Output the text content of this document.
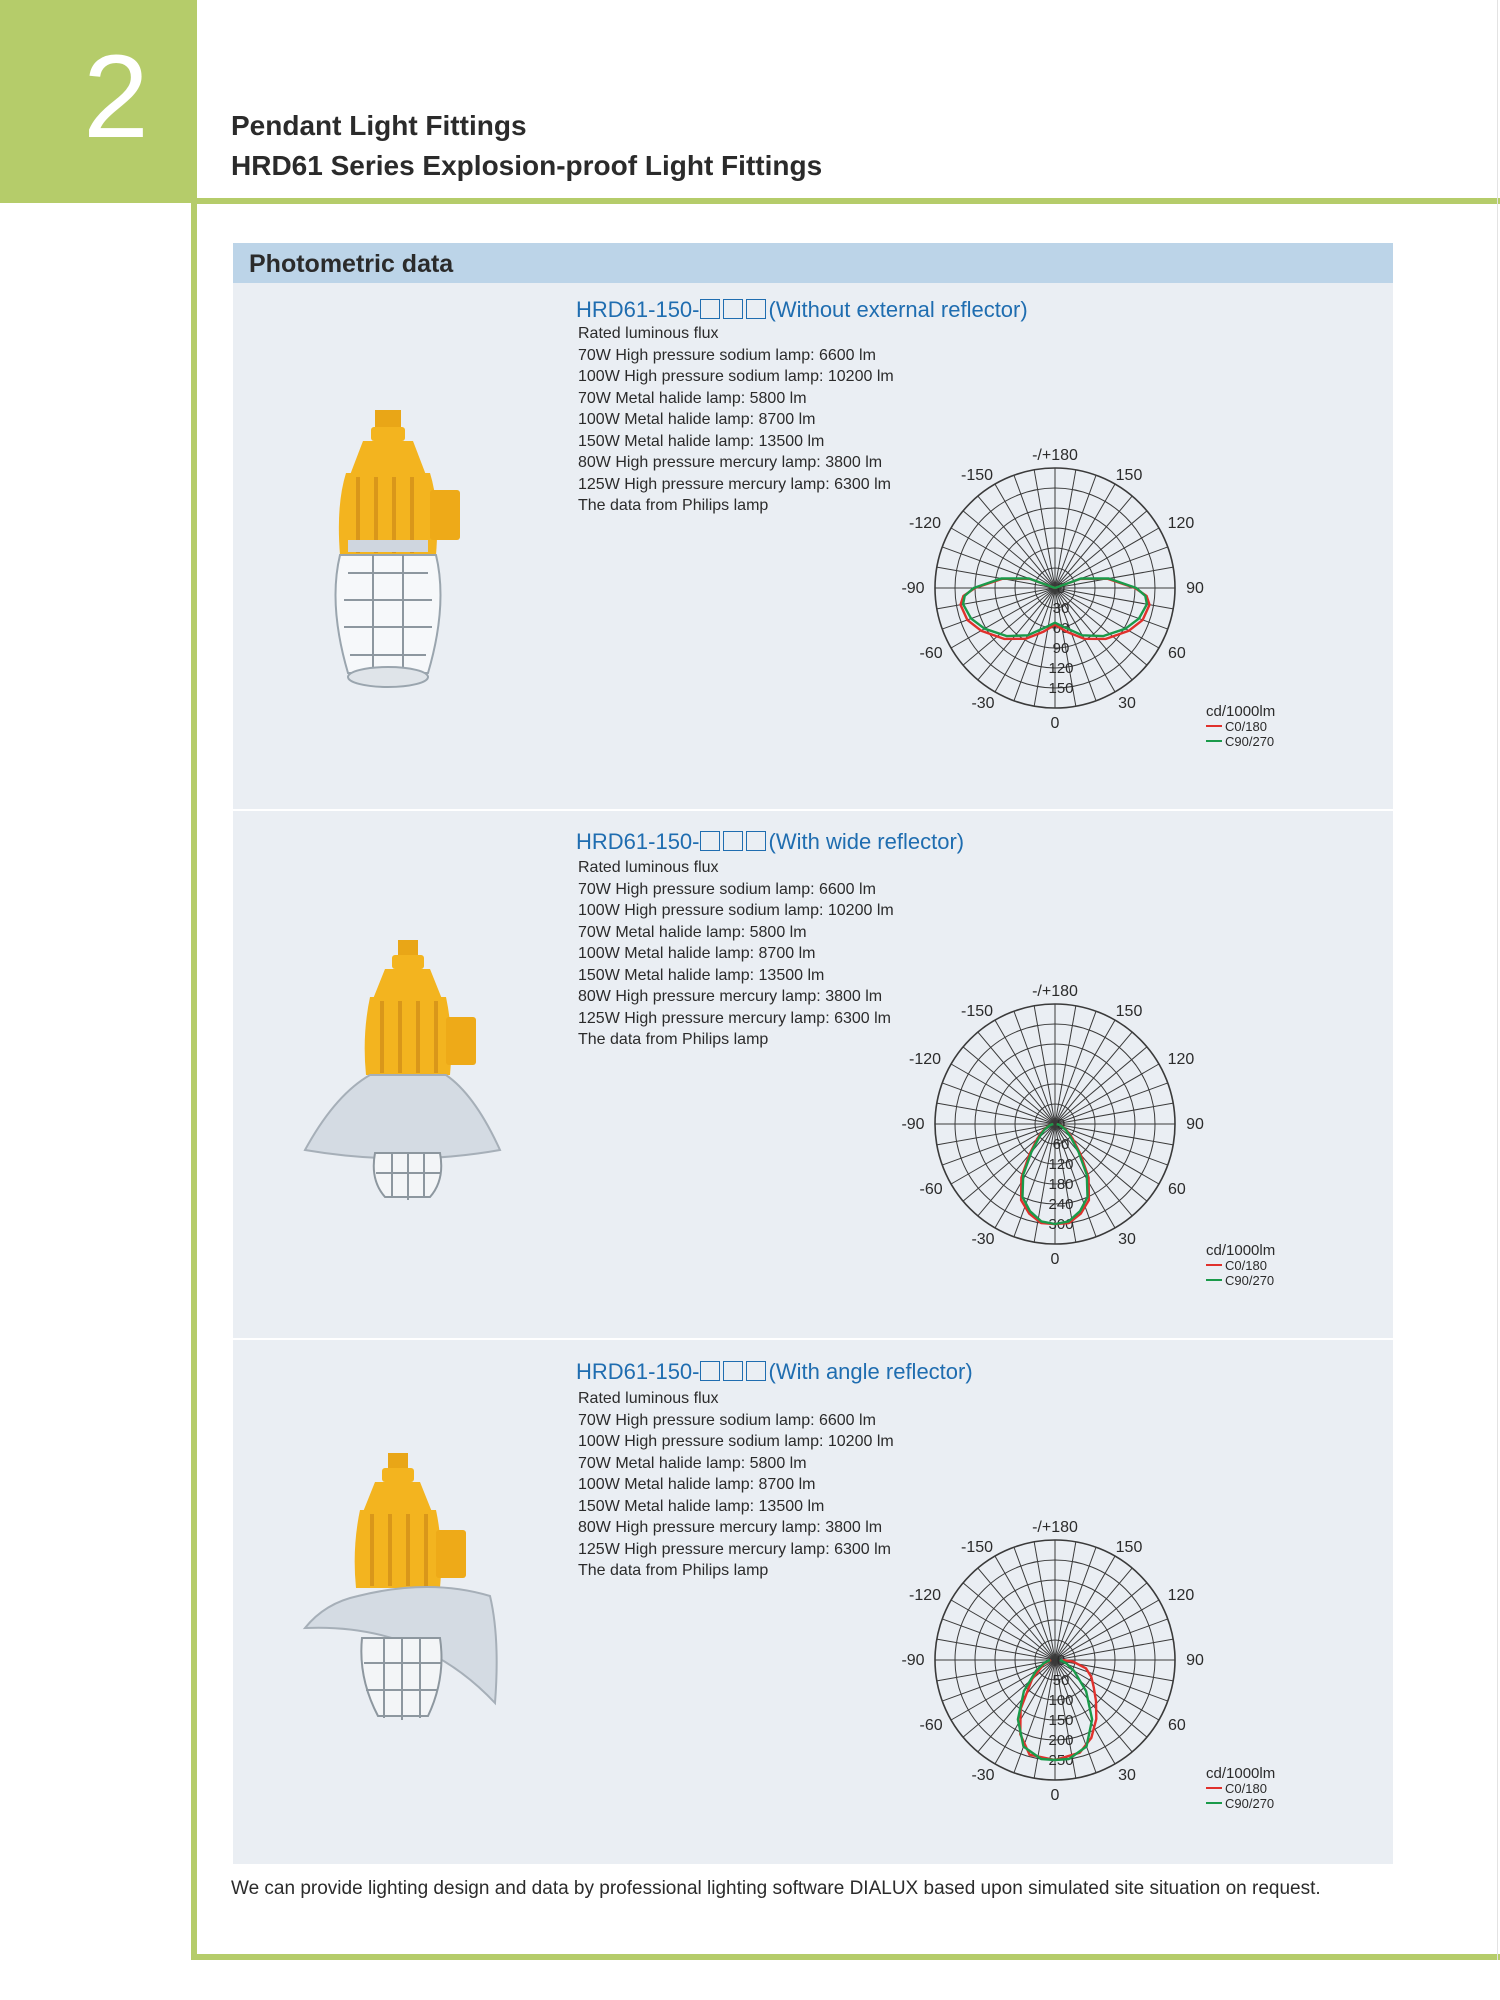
2	Pendant Light Fittings
HRD61 Series Explosion-proof Light Fittings
Photometric data
HRD61-150-	(Without external reflector)
Rated luminous flux
70W High pressure sodium lamp: 6600 lm
100W High pressure sodium lamp: 10200 lm
70W Metal halide lamp: 5800 lm
100W Metal halide lamp: 8700 lm
150W Metal halide lamp: 13500 lm
80W High pressure mercury lamp: 3800 lm
125W High pressure mercury lamp: 6300 lm
The data from Philips lamp
HRD61-150-	(With wide reflector)
Rated luminous flux
70W High pressure sodium lamp: 6600 lm
100W High pressure sodium lamp: 10200 lm
70W Metal halide lamp: 5800 lm
100W Metal halide lamp: 8700 lm
150W Metal halide lamp: 13500 lm
80W High pressure mercury lamp: 3800 lm
125W High pressure mercury lamp: 6300 lm
The data from Philips lamp
HRD61-150-	(With angle reflector)
Rated luminous flux
70W High pressure sodium lamp: 6600 lm
100W High pressure sodium lamp: 10200 lm
70W Metal halide lamp: 5800 lm
100W Metal halide lamp: 8700 lm
150W Metal halide lamp: 13500 lm
80W High pressure mercury lamp: 3800 lm
125W High pressure mercury lamp: 6300 lm
The data from Philips lamp
0
30
60
90
120
150
-/+180
150
120
90
60
30
0
-30
-60
-90
-120
-150
0
60
120
180
240
300
-/+180
150
120
90
60
30
0
-30
-60
-90
-120
-150
0
50
100
150
200
250
-/+180
150
120
90
60
30
0
-30
-60
-90
-120
-150
cd/1000lm
C0/180
C90/270
cd/1000lm
C0/180
C90/270
cd/1000lm
C0/180
C90/270
We can provide lighting design and data by professional lighting software DIALUX based upon simulated site situation on request.
